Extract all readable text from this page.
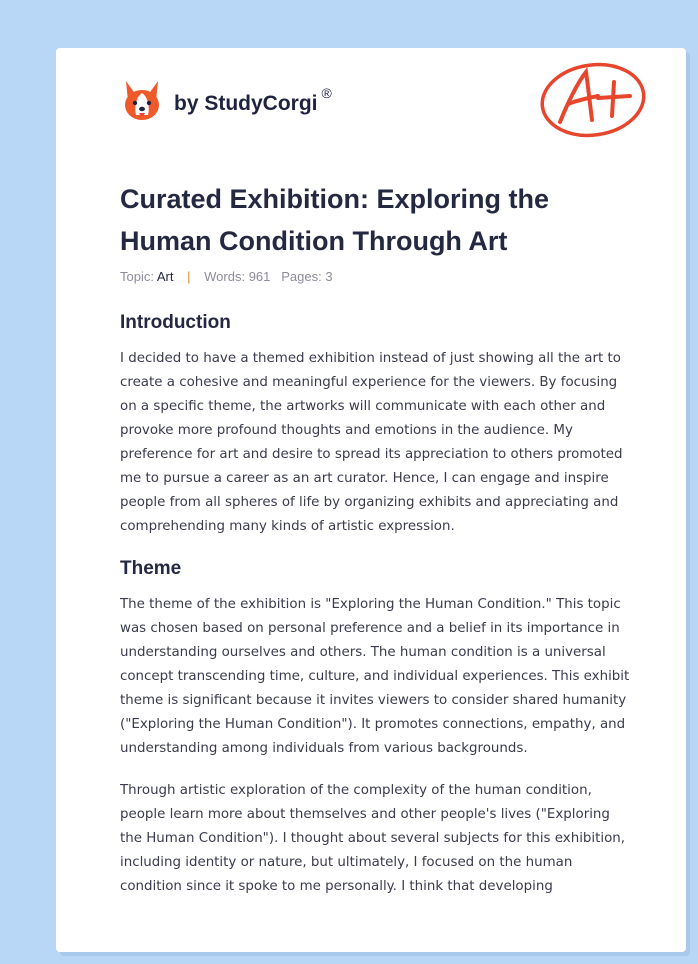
by StudyCorgi ®
Curated Exhibition: Exploring the Human Condition Through Art
Topic: Art | Words: 961 Pages: 3
Introduction

I decided to have a themed exhibition instead of just showing all the art to create a cohesive and meaningful experience for the viewers. By focusing on a specific theme, the artworks will communicate with each other and provoke more profound thoughts and emotions in the audience. My preference for art and desire to spread its appreciation to others promoted me to pursue a career as an art curator. Hence, I can engage and inspire people from all spheres of life by organizing exhibits and appreciating and comprehending many kinds of artistic expression.

Theme

The theme of the exhibition is "Exploring the Human Condition." This topic was chosen based on personal preference and a belief in its importance in understanding ourselves and others. The human condition is a universal concept transcending time, culture, and individual experiences. This exhibit theme is significant because it invites viewers to consider shared humanity ("Exploring the Human Condition"). It promotes connections, empathy, and understanding among individuals from various backgrounds.

Through artistic exploration of the complexity of the human condition, people learn more about themselves and other people's lives ("Exploring the Human Condition"). I thought about several subjects for this exhibition, including identity or nature, but ultimately, I focused on the human condition since it spoke to me personally. I think that developing
